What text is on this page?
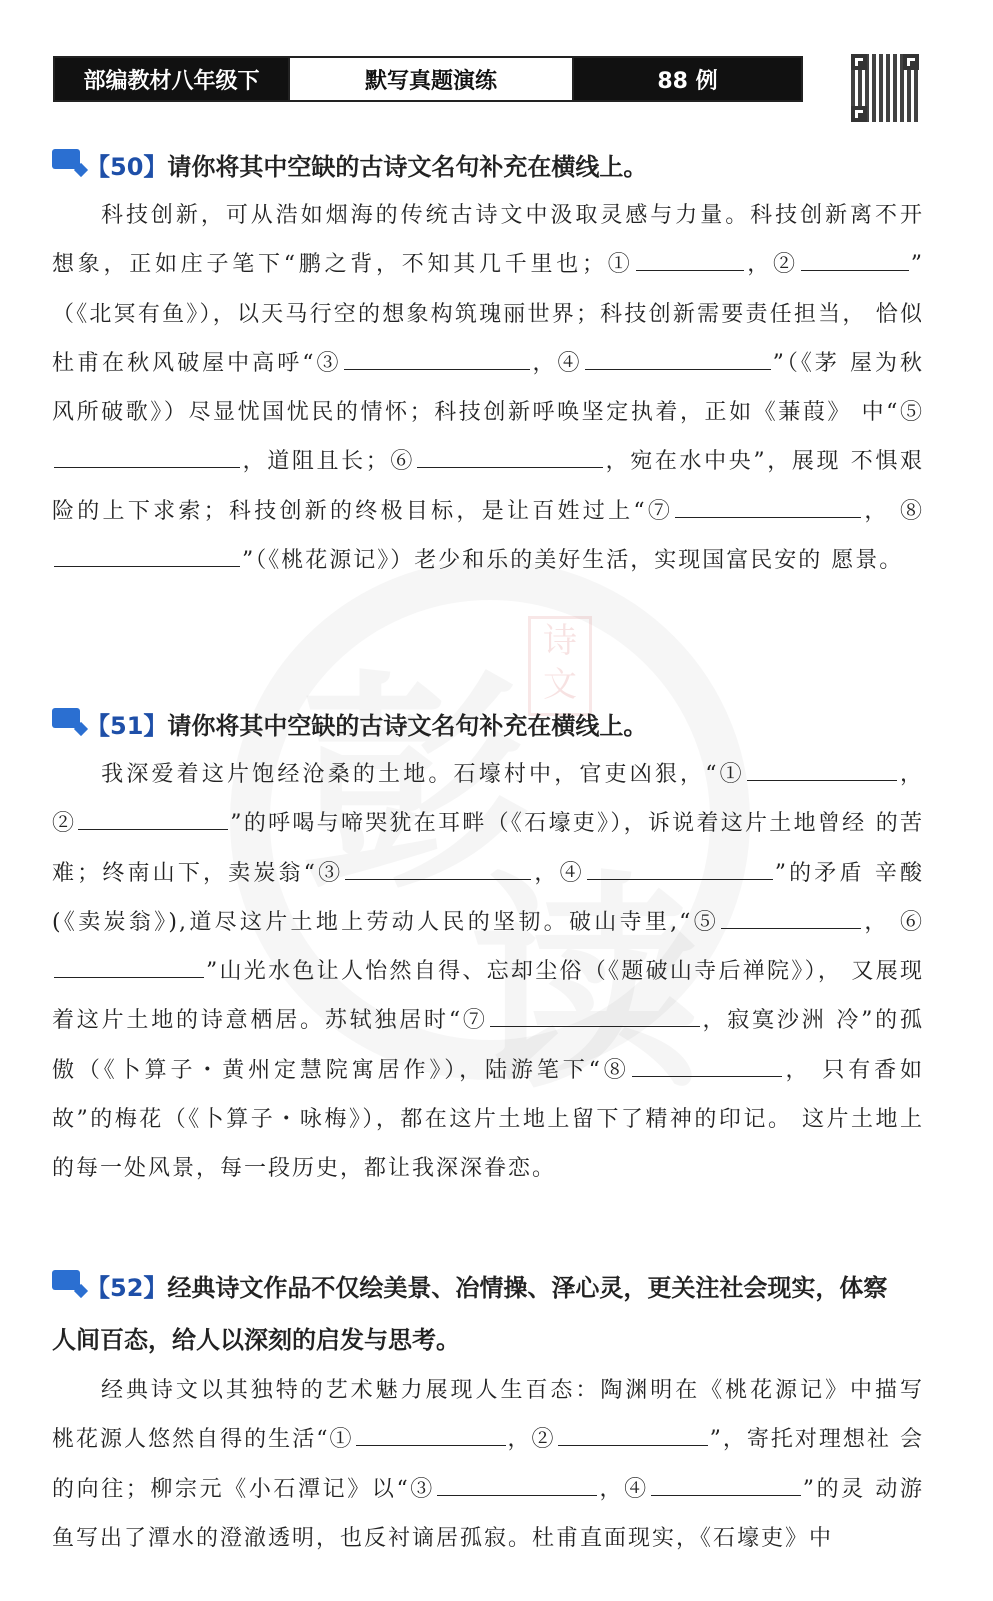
部编教材八年级下	默写真题演练	88 例
诗
文
【50】请你将其中空缺的古诗文名句补充在横线上。

科技创新，可从浩如烟海的传统古诗文中汲取灵感与力量。科技创新离不开 想象，正如庄子笔下“鹏之背，不知其几千里也；①	，②	” （《北冥有鱼》），以天马行空的想象构筑瑰丽世界；科技创新需要责任担当， 恰似杜甫在秋风破屋中高呼“③	，④	”（《茅 屋为秋风所破歌》）尽显忧国忧民的情怀；科技创新呼唤坚定执着，正如《蒹葭》 中“⑤，道阻且长；⑥	，宛在水中央”，展现 不惧艰险的上下求索；科技创新的终极目标，是让百姓过上“⑦	， ⑧”（《桃花源记》）老少和乐的美好生活，实现国富民安的 愿景。

【51】请你将其中空缺的古诗文名句补充在横线上。

我深爱着这片饱经沧桑的土地。石壕村中，官吏凶狠，“①	， ②	”的呼喝与啼哭犹在耳畔（《石壕吏》），诉说着这片土地曾经 的苦难；终南山下，卖炭翁“③	，④	”的矛盾 辛酸(《卖炭翁》),道尽这片土地上劳动人民的坚韧。破山寺里,“⑤	， ⑥”山光水色让人怡然自得、忘却尘俗（《题破山寺后禅院》）， 又展现着这片土地的诗意栖居。苏轼独居时“⑦	，寂寞沙洲 冷”的孤傲（《卜算子・黄州定慧院寓居作》），陆游笔下“⑧	， 只有香如故”的梅花（《卜算子・咏梅》），都在这片土地上留下了精神的印记。 这片土地上的每一处风景，每一段历史，都让我深深眷恋。

【52】经典诗文作品不仅绘美景、冶情操、泽心灵，更关注社会现实，体察
人间百态，给人以深刻的启发与思考。

经典诗文以其独特的艺术魅力展现人生百态：陶渊明在《桃花源记》中描写 桃花源人悠然自得的生活“①	，②	”，寄托对理想社 会的向往；柳宗元《小石潭记》以“③	，④	”的灵 动游鱼写出了潭水的澄澈透明，也反衬谪居孤寂。杜甫直面现实，《石壕吏》中
